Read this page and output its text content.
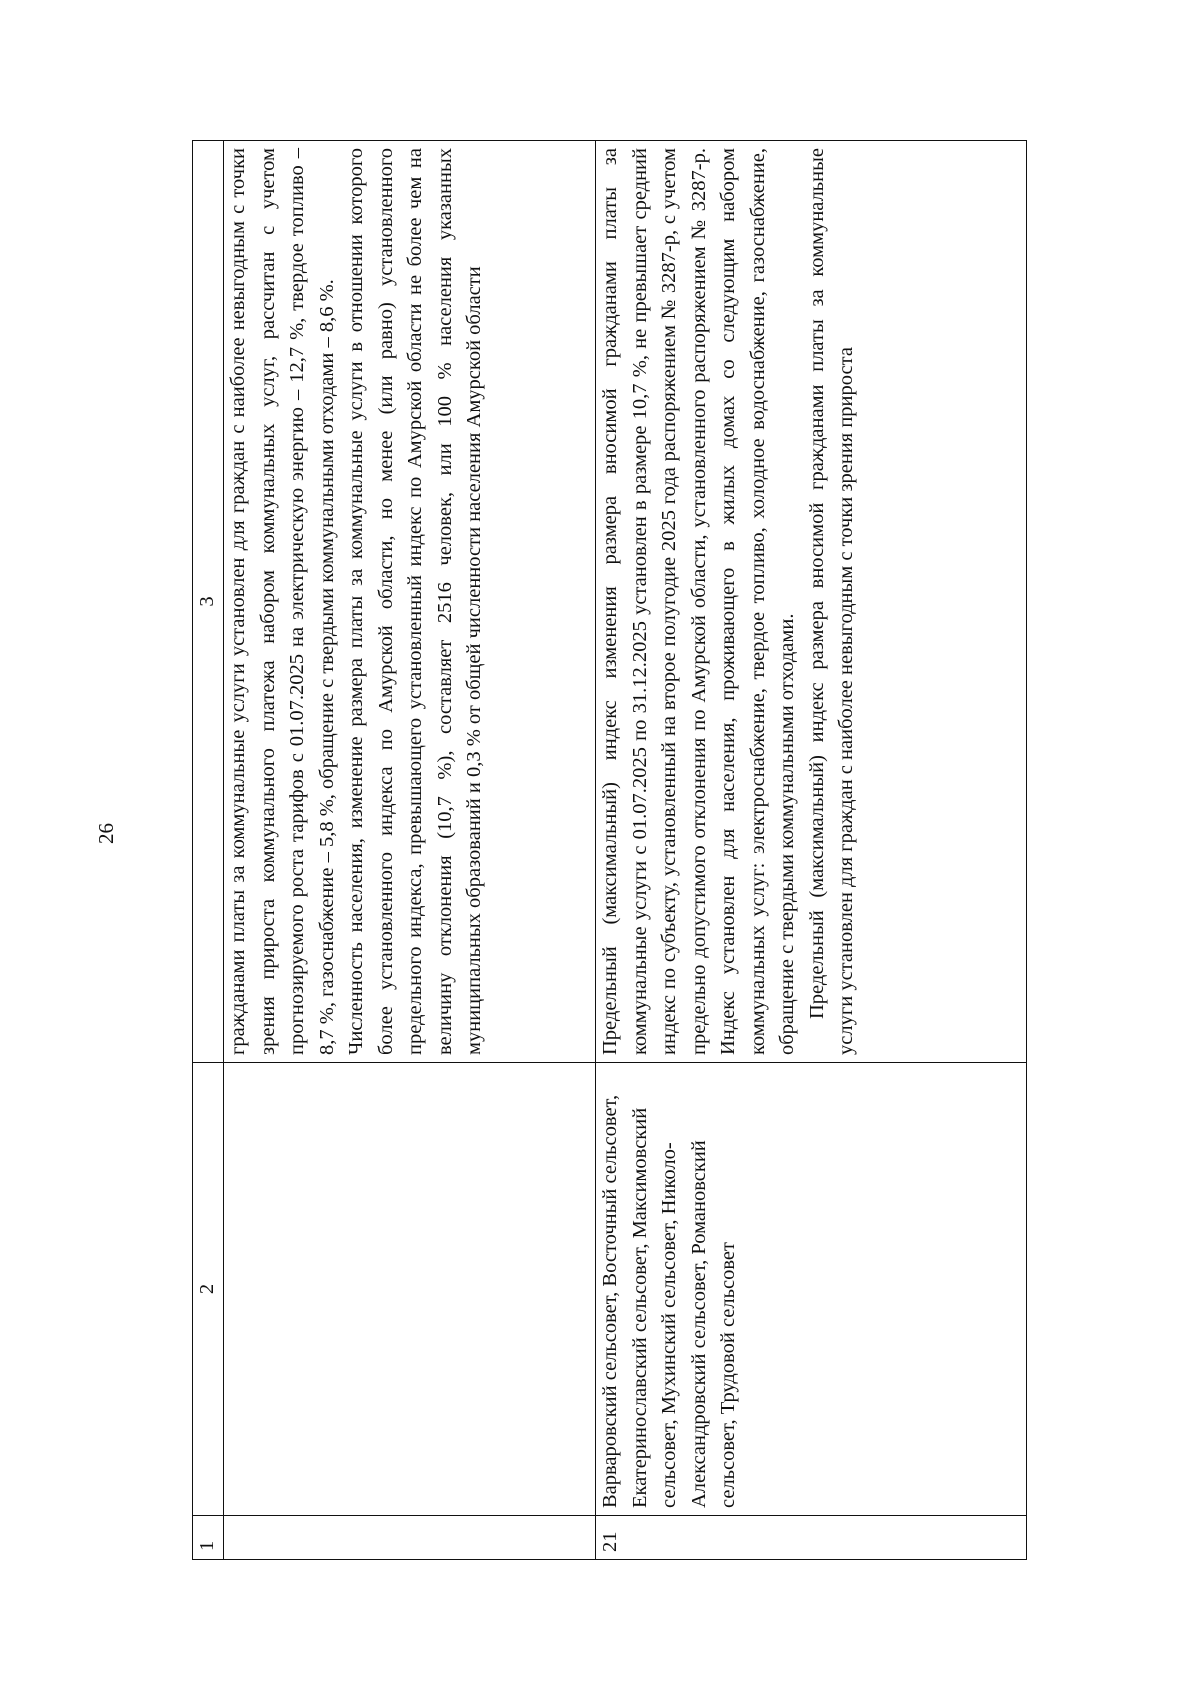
26
1	2	3

		гражданами платы за коммунальные услуги установлен для граждан с наиболее невыгодным с точки зрения прироста коммунального платежа набором коммунальных услуг, рассчитан с учетом прогнозируемого роста тарифов с 01.07.2025 на электрическую энергию – 12,7 %, твердое топливо – 8,7 %, газоснабжение – 5,8 %, обращение с твердыми коммунальными отходами – 8,6 %. Численность населения, изменение размера платы за коммунальные услуги в отношении которого более установленного индекса по Амурской области, но менее (или равно) установленного предельного индекса, превышающего установленный индекс по Амурской области не более чем на величину отклонения (10,7 %), составляет 2516 человек, или 100 % населения указанных муниципальных образований и 0,3 % от общей численности населения Амурской области

21	Варваровский сельсовет, Восточный сельсовет, Екатеринославский сельсовет, Максимовский сельсовет, Мухинский сельсовет, Николо-Александровский сельсовет, Романовский сельсовет, Трудовой сельсовет	Предельный (максимальный) индекс изменения размера вносимой гражданами платы за коммунальные услуги с 01.07.2025 по 31.12.2025 установлен в размере 10,7 %, не превышает средний индекс по субъекту, установленный на второе полугодие 2025 года распоряжением № 3287-р, с учетом предельно допустимого отклонения по Амурской области, установленного распоряжением № 3287-р. Индекс установлен для населения, проживающего в жилых домах со следующим набором коммунальных услуг: электроснабжение, твердое топливо, холодное водоснабжение, газоснабжение, обращение с твердыми коммунальными отходами. Предельный (максимальный) индекс размера вносимой гражданами платы за коммунальные услуги установлен для граждан с наиболее невыгодным с точки зрения прироста
